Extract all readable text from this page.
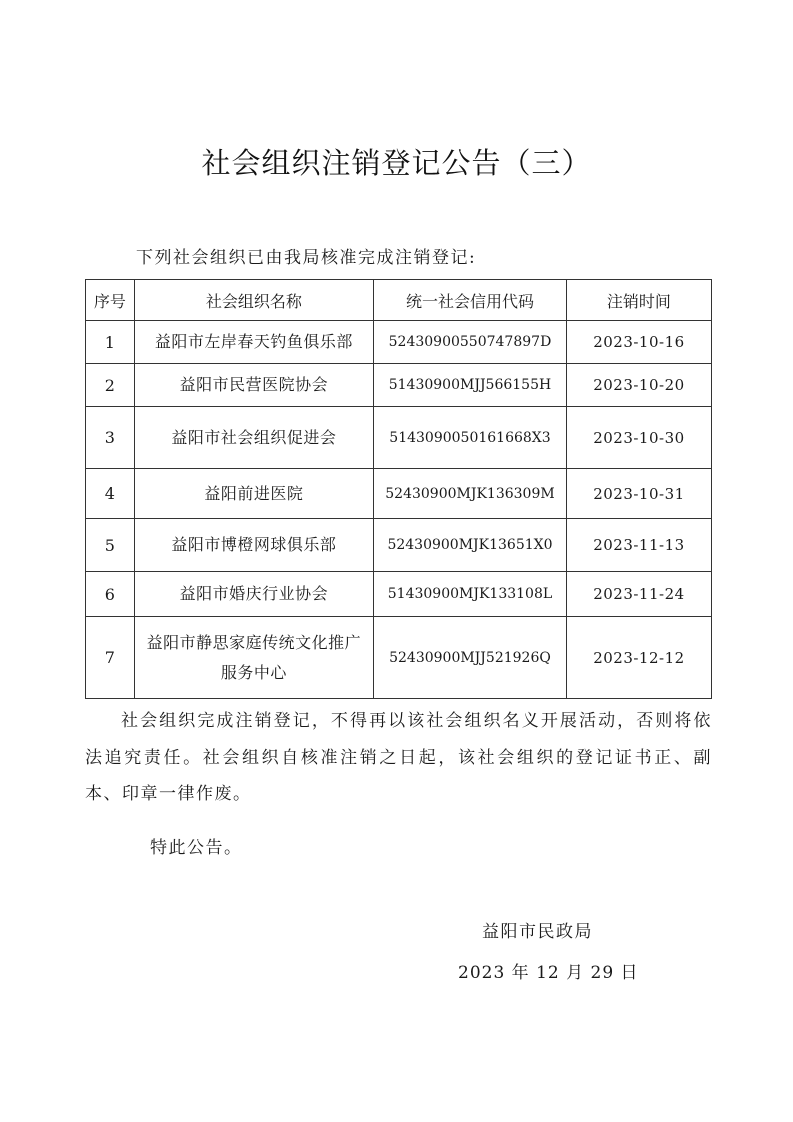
社会组织注销登记公告（三）
下列社会组织已由我局核准完成注销登记:
序号	社会组织名称	统一社会信用代码	注销时间
1	益阳市左岸春天钓鱼俱乐部	52430900550747897D	2023-10-16
2	益阳市民营医院协会	51430900MJJ566155H	2023-10-20
3	益阳市社会组织促进会	5143090050161668X3	2023-10-30
4	益阳前进医院	52430900MJK136309M	2023-10-31
5	益阳市博橙网球俱乐部	52430900MJK13651X0	2023-11-13
6	益阳市婚庆行业协会	51430900MJK133108L	2023-11-24
7	益阳市静思家庭传统文化推广服务中心	52430900MJJ521926Q	2023-12-12

社会组织完成注销登记，不得再以该社会组织名义开展活动，否则将依法追究责任。社会组织自核准注销之日起，该社会组织的登记证书正、副本、印章一律作废。

特此公告。
益阳市民政局
2023 年 12 月 29 日
